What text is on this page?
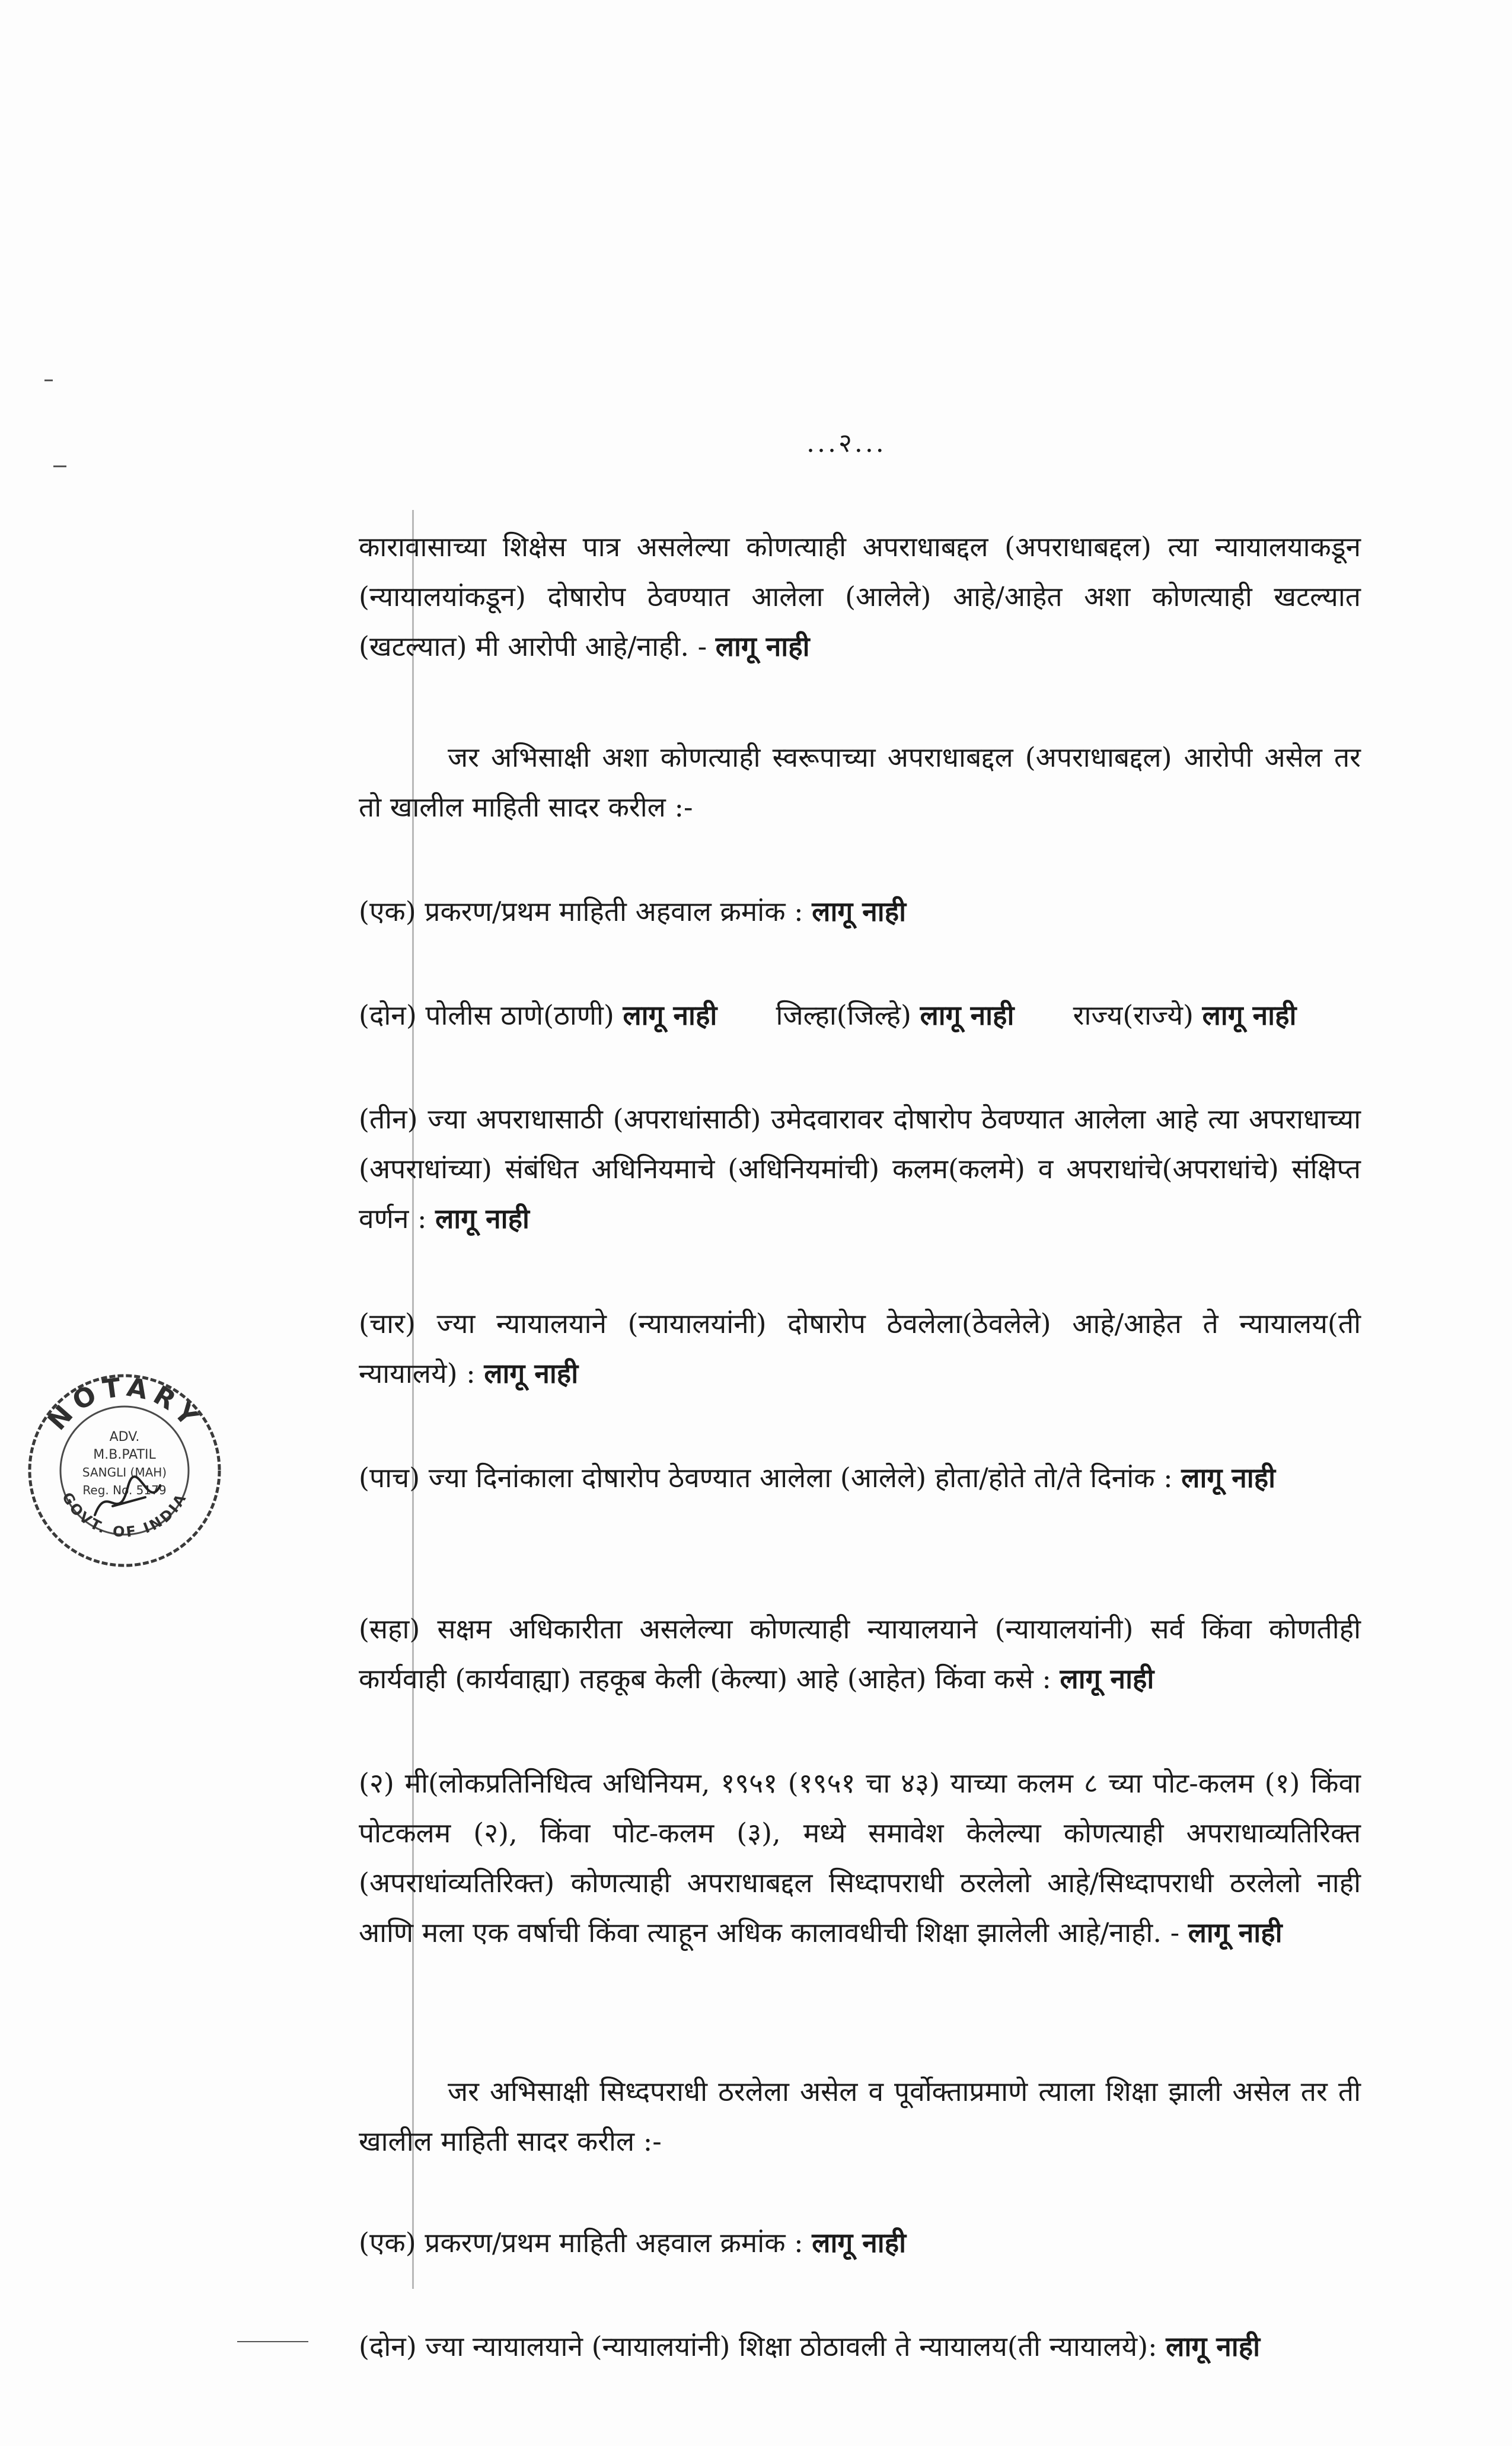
...२...
कारावासाच्या शिक्षेस पात्र असलेल्या कोणत्याही अपराधाबद्दल (अपराधाबद्दल) त्या न्यायालयाकडून (न्यायालयांकडून) दोषारोप ठेवण्यात आलेला (आलेले) आहे/आहेत अशा कोणत्याही खटल्यात (खटल्यात) मी आरोपी आहे/नाही. - लागू नाही
जर अभिसाक्षी अशा कोणत्याही स्वरूपाच्या अपराधाबद्दल (अपराधाबद्दल) आरोपी असेल तर तो खालील माहिती सादर करील :-
(एक) प्रकरण/प्रथम माहिती अहवाल क्रमांक : लागू नाही
(दोन) पोलीस ठाणे(ठाणी) लागू नाही जिल्हा(जिल्हे) लागू नाही राज्य(राज्ये) लागू नाही
(तीन) ज्या अपराधासाठी (अपराधांसाठी) उमेदवारावर दोषारोप ठेवण्यात आलेला आहे त्या अपराधाच्या (अपराधांच्या) संबंधित अधिनियमाचे (अधिनियमांची) कलम(कलमे) व अपराधांचे(अपराधांचे) संक्षिप्त वर्णन : लागू नाही
(चार) ज्या न्यायालयाने (न्यायालयांनी) दोषारोप ठेवलेला(ठेवलेले) आहे/आहेत ते न्यायालय(ती न्यायालये) : लागू नाही
(पाच) ज्या दिनांकाला दोषारोप ठेवण्यात आलेला (आलेले) होता/होते तो/ते दिनांक : लागू नाही
(सहा) सक्षम अधिकारीता असलेल्या कोणत्याही न्यायालयाने (न्यायालयांनी) सर्व किंवा कोणतीही कार्यवाही (कार्यवाह्या) तहकूब केली (केल्या) आहे (आहेत) किंवा कसे : लागू नाही
(२) मी(लोकप्रतिनिधित्व अधिनियम, १९५१ (१९५१ चा ४३) याच्या कलम ८ च्या पोट-कलम (१) किंवा पोटकलम (२), किंवा पोट-कलम (३), मध्ये समावेश केलेल्या कोणत्याही अपराधाव्यतिरिक्त (अपराधांव्यतिरिक्त) कोणत्याही अपराधाबद्दल सिध्दापराधी ठरलेलो आहे/सिध्दापराधी ठरलेलो नाही आणि मला एक वर्षाची किंवा त्याहून अधिक कालावधीची शिक्षा झालेली आहे/नाही. - लागू नाही
जर अभिसाक्षी सिध्दपराधी ठरलेला असेल व पूर्वोक्ताप्रमाणे त्याला शिक्षा झाली असेल तर ती खालील माहिती सादर करील :-
(एक) प्रकरण/प्रथम माहिती अहवाल क्रमांक : लागू नाही
(दोन) ज्या न्यायालयाने (न्यायालयांनी) शिक्षा ठोठावली ते न्यायालय(ती न्यायालये): लागू नाही
NOTARY
GOVT. OF INDIA
ADV.
M.B.PATIL
SANGLI (MAH)
Reg. No. 5179
